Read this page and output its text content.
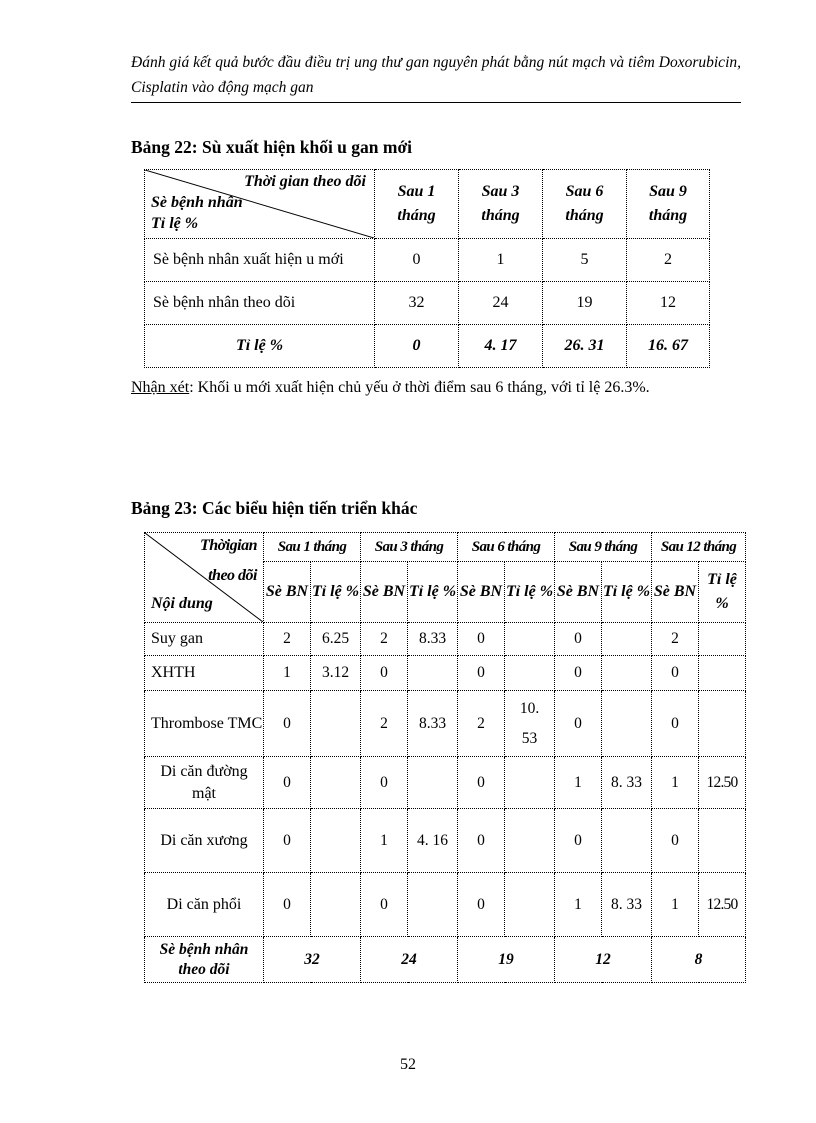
Đánh giá kết quả bước đầu điều trị ung thư gan nguyên phát bằng nút mạch và tiêm Doxorubicin, Cisplatin vào động mạch gan
Bảng 22: Sù xuất hiện khối u gan mới
Thời gian theo dõi
Sè bệnh nhân
Tỉ lệ %	Sau 1 tháng	Sau 3 tháng	Sau 6 tháng	Sau 9 tháng
Sè bệnh nhân xuất hiện u mới	0	1	5	2
Sè bệnh nhân theo dõi	32	24	19	12
Tỉ lệ %	0	4. 17	26. 31	16. 67
Nhận xét: Khối u mới xuất hiện chủ yếu ở thời điểm sau 6 tháng, với tỉ lệ 26.3%.
Bảng 23: Các biểu hiện tiến triển khác
Thờigian
theo dõi
Nội dung	Sau 1 tháng		Sau 3 tháng		Sau 6 tháng		Sau 9 tháng		Sau 12 tháng	
	Sè BN	Tỉ lệ %	Sè BN	Tỉ lệ %	Sè BN	Tỉ lệ %	Sè BN	Tỉ lệ %	Sè BN	Tỉ lệ %
Suy gan	2	6.25	2	8.33	0		0		2	
XHTH	1	3.12	0		0		0		0	
Thrombose TMC	0		2	8.33	2	10. 53	0		0	
Di căn đường mật	0		0		0		1	8. 33	1	12.50
Di căn xương	0		1	4. 16	0		0		0	
Di căn phổi	0		0		0		1	8. 33	1	12.50
Sè bệnh nhân theo dõi	32		24		19		12		8	
52
